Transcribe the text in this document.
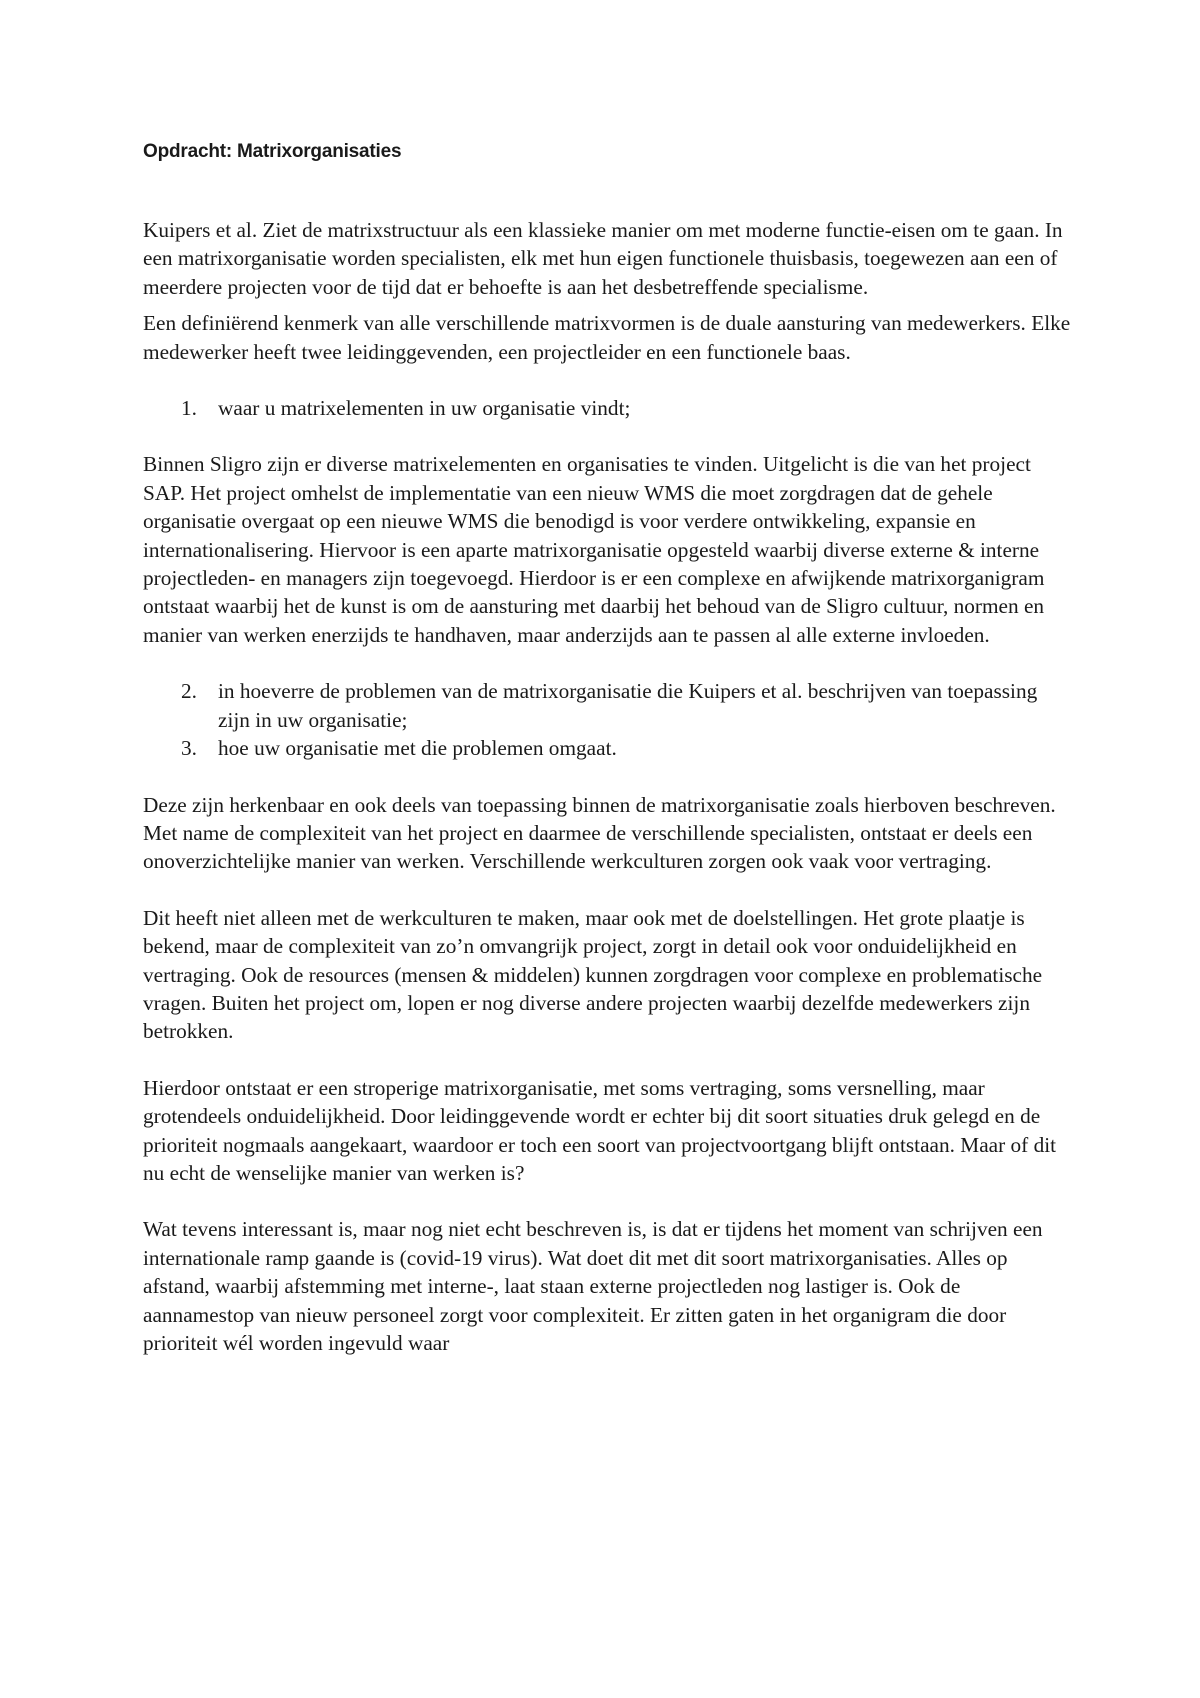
Opdracht: Matrixorganisaties

Kuipers et al. Ziet de matrixstructuur als een klassieke manier om met moderne functie-eisen om te gaan. In een matrixorganisatie worden specialisten, elk met hun eigen functionele thuisbasis, toegewezen aan een of meerdere projecten voor de tijd dat er behoefte is aan het desbetreffende specialisme.

Een definiërend kenmerk van alle verschillende matrixvormen is de duale aansturing van medewerkers. Elke medewerker heeft twee leidinggevenden, een projectleider en een functionele baas.

1. waar u matrixelementen in uw organisatie vindt;

Binnen Sligro zijn er diverse matrixelementen en organisaties te vinden. Uitgelicht is die van het project SAP. Het project omhelst de implementatie van een nieuw WMS die moet zorgdragen dat de gehele organisatie overgaat op een nieuwe WMS die benodigd is voor verdere ontwikkeling, expansie en internationalisering. Hiervoor is een aparte matrixorganisatie opgesteld waarbij diverse externe & interne projectleden- en managers zijn toegevoegd. Hierdoor is er een complexe en afwijkende matrixorganigram ontstaat waarbij het de kunst is om de aansturing met daarbij het behoud van de Sligro cultuur, normen en manier van werken enerzijds te handhaven, maar anderzijds aan te passen al alle externe invloeden.

2. in hoeverre de problemen van de matrixorganisatie die Kuipers et al. beschrijven van toepassing zijn in uw organisatie;
3. hoe uw organisatie met die problemen omgaat.

Deze zijn herkenbaar en ook deels van toepassing binnen de matrixorganisatie zoals hierboven beschreven. Met name de complexiteit van het project en daarmee de verschillende specialisten, ontstaat er deels een onoverzichtelijke manier van werken. Verschillende werkculturen zorgen ook vaak voor vertraging.

Dit heeft niet alleen met de werkculturen te maken, maar ook met de doelstellingen. Het grote plaatje is bekend, maar de complexiteit van zo’n omvangrijk project, zorgt in detail ook voor onduidelijkheid en vertraging. Ook de resources (mensen & middelen) kunnen zorgdragen voor complexe en problematische vragen. Buiten het project om, lopen er nog diverse andere projecten waarbij dezelfde medewerkers zijn betrokken.

Hierdoor ontstaat er een stroperige matrixorganisatie, met soms vertraging, soms versnelling, maar grotendeels onduidelijkheid. Door leidinggevende wordt er echter bij dit soort situaties druk gelegd en de prioriteit nogmaals aangekaart, waardoor er toch een soort van projectvoortgang blijft ontstaan. Maar of dit nu echt de wenselijke manier van werken is?

Wat tevens interessant is, maar nog niet echt beschreven is, is dat er tijdens het moment van schrijven een internationale ramp gaande is (covid-19 virus). Wat doet dit met dit soort matrixorganisaties. Alles op afstand, waarbij afstemming met interne-, laat staan externe projectleden nog lastiger is. Ook de aannamestop van nieuw personeel zorgt voor complexiteit. Er zitten gaten in het organigram die door prioriteit wél worden ingevuld waar
